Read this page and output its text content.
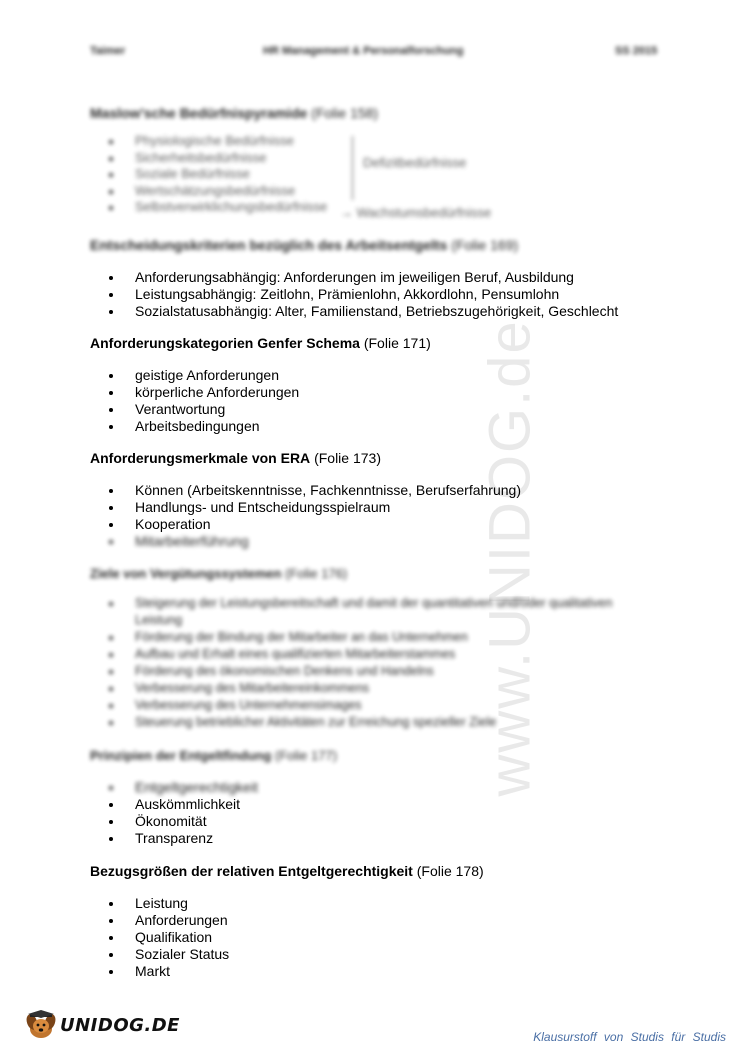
Taimer	HR Management & Personalforschung	SS 2015
www.UNIDOG.de
Maslow'sche Bedürfnispyramide (Folie 158)
Physiologische Bedürfnisse
Sicherheitsbedürfnisse
Soziale Bedürfnisse
Wertschätzungsbedürfnisse
Selbstverwirklichungsbedürfnisse
Defizitbedürfnisse
→ Wachstumsbedürfnisse
Entscheidungskriterien bezüglich des Arbeitsentgelts (Folie 169)
Anforderungsabhängig: Anforderungen im jeweiligen Beruf, Ausbildung
Leistungsabhängig: Zeitlohn, Prämienlohn, Akkordlohn, Pensumlohn
Sozialstatusabhängig: Alter, Familienstand, Betriebszugehörigkeit, Geschlecht
Anforderungskategorien Genfer Schema (Folie 171)
geistige Anforderungen
körperliche Anforderungen
Verantwortung
Arbeitsbedingungen
Anforderungsmerkmale von ERA (Folie 173)
Können (Arbeitskenntnisse, Fachkenntnisse, Berufserfahrung)
Handlungs- und Entscheidungsspielraum
Kooperation
Mitarbeiterführung
Ziele von Vergütungssystemen (Folie 176)
Steigerung der Leistungsbereitschaft und damit der quantitativen und/oder qualitativen Leistung
Förderung der Bindung der Mitarbeiter an das Unternehmen
Aufbau und Erhalt eines qualifizierten Mitarbeiterstammes
Förderung des ökonomischen Denkens und Handelns
Verbesserung des Mitarbeitereinkommens
Verbesserung des Unternehmensimages
Steuerung betrieblicher Aktivitäten zur Erreichung spezieller Ziele
Prinzipien der Entgeltfindung (Folie 177)
Entgeltgerechtigkeit
Auskömmlichkeit
Ökonomität
Transparenz
Bezugsgrößen der relativen Entgeltgerechtigkeit (Folie 178)
Leistung
Anforderungen
Qualifikation
Sozialer Status
Markt
UNIDOG.DE
Klausurstoff von Studis für Studis
